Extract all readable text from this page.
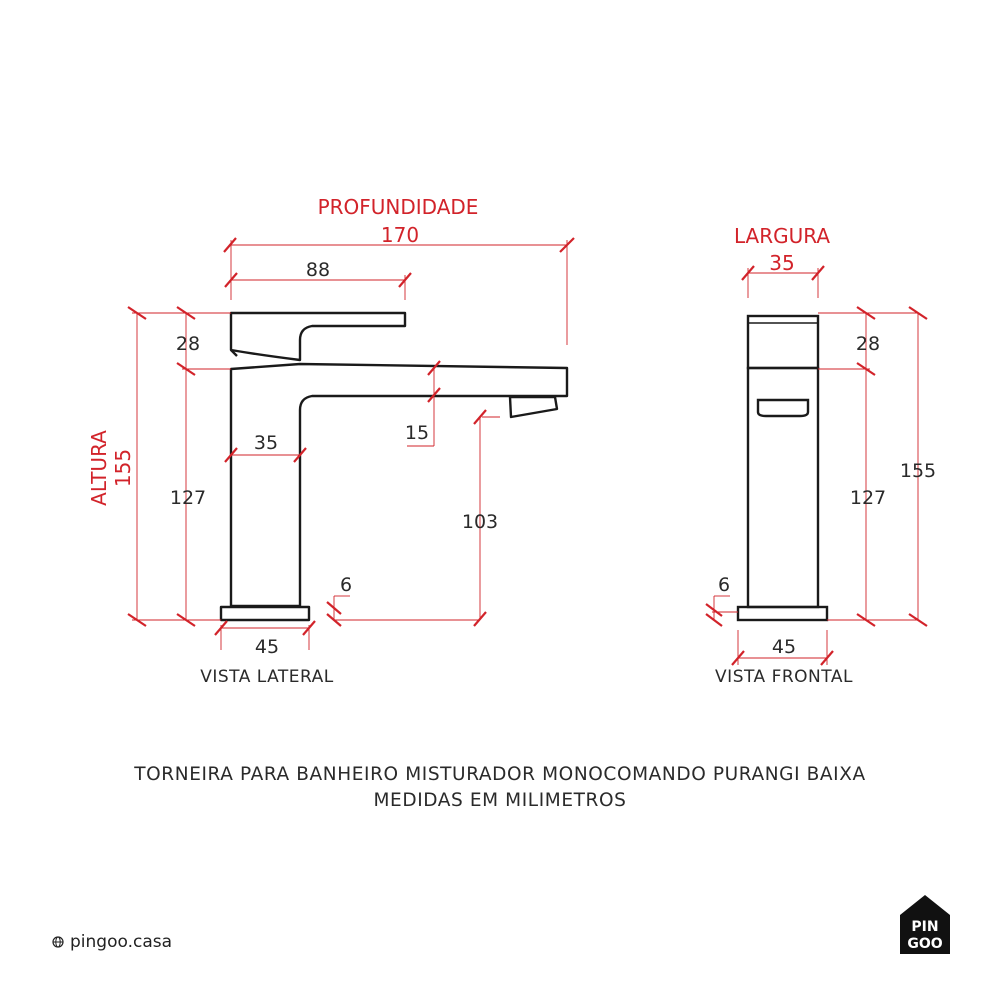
PROFUNDIDADE
170	LARGURA
35
ALTURA 155
88
28
35	15
127
103
6
45
VISTA LATERAL
28
127
155
6
45
VISTA FRONTAL

TORNEIRA PARA BANHEIRO MISTURADOR MONOCOMANDO PURANGI BAIXA

MEDIDAS EM MILIMETROS

pingoo.casa
PIN
GOO
